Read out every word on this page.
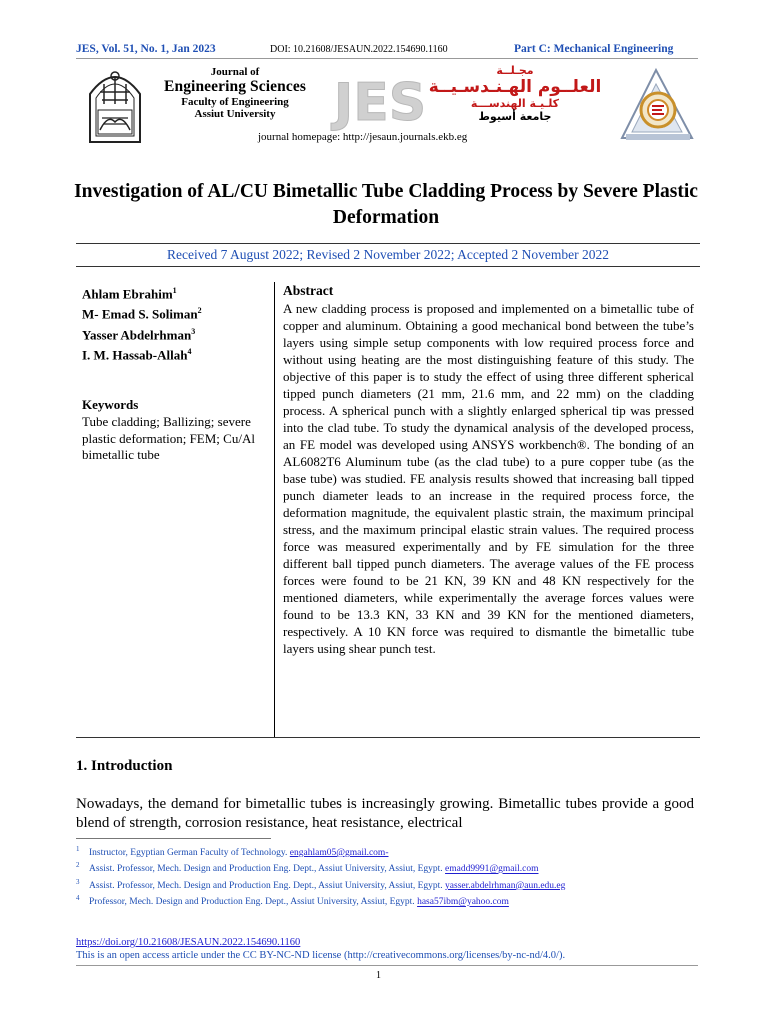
JES, Vol. 51, No. 1, Jan 2023	DOI: 10.21608/JESAUN.2022.154690.1160	Part C: Mechanical Engineering
JES
Journal of
Engineering Sciences
Faculty of Engineering
Assiut University
مجـلــة
العلــوم الهـنـدسـيــة
كلـيـة الهندســـة
جامعة أسيوط
journal homepage: http://jesaun.journals.ekb.eg
Investigation of AL/CU Bimetallic Tube Cladding Process by Severe Plastic Deformation
Received 7 August 2022; Revised 2 November 2022; Accepted 2 November 2022
Ahlam Ebrahim$^1$
M- Emad S. Soliman$^2$
Yasser Abdelrhman$^3$
I. M. Hassab-Allah$^4$
Keywords
Tube cladding; Ballizing; severe plastic deformation; FEM; Cu/Al bimetallic tube
Abstract
A new cladding process is proposed and implemented on a bimetallic tube of copper and aluminum. Obtaining a good mechanical bond between the tube’s layers using simple setup components with low required process force and without using heating are the most distinguishing feature of this study. The objective of this paper is to study the effect of using three different spherical tipped punch diameters (21 mm, 21.6 mm, and 22 mm) on the cladding process. A spherical punch with a slightly enlarged spherical tip was pressed into the clad tube. To study the dynamical analysis of the developed process, an FE model was developed using ANSYS workbench®. The bonding of an AL6082T6 Aluminum tube (as the clad tube) to a pure copper tube (as the base tube) was studied. FE analysis results showed that increasing ball tipped punch diameter leads to an increase in the required process force, the deformation magnitude, the equivalent plastic strain, the maximum principal stress, and the maximum principal elastic strain values. The required process force was measured experimentally and by FE simulation for the three different ball tipped punch diameters. The average values of the FE process forces were found to be 21 KN, 39 KN and 48 KN respectively for the mentioned diameters, while experimentally the average forces values were found to be 13.3 KN, 33 KN and 39 KN for the mentioned diameters, respectively. A 10 KN force was required to dismantle the bimetallic tube layers using shear punch test.
1. Introduction
Nowadays, the demand for bimetallic tubes is increasingly growing. Bimetallic tubes provide a good blend of strength, corrosion resistance, heat resistance, electrical
$^1$ Instructor, Egyptian German Faculty of Technology. engahlam05@gmail.com-
$^2$ Assist. Professor, Mech. Design and Production Eng. Dept., Assiut University, Assiut, Egypt. emadd9991@gmail.com
$^3$ Assist. Professor, Mech. Design and Production Eng. Dept., Assiut University, Assiut, Egypt. yasser.abdelrhman@aun.edu.eg
$^4$ Professor, Mech. Design and Production Eng. Dept., Assiut University, Assiut, Egypt. hasa57ibm@yahoo.com
https://doi.org/10.21608/JESAUN.2022.154690.1160
This is an open access article under the CC BY-NC-ND license (http://creativecommons.org/licenses/by-nc-nd/4.0/).
1
